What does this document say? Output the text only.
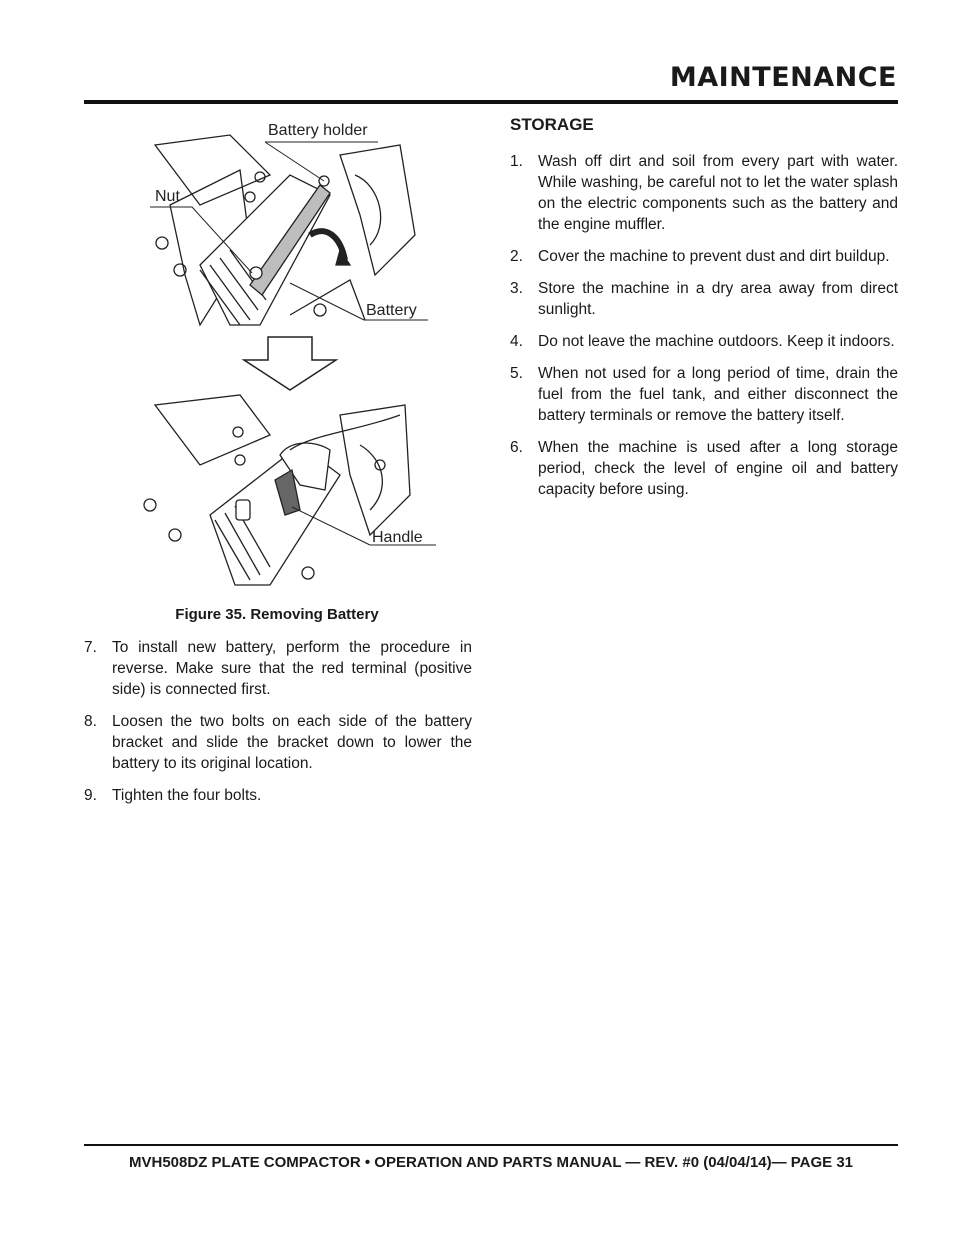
MAINTENANCE
Battery holder
Nut
Battery
Handle
Figure 35. Removing Battery
7. To install new battery, perform the procedure in reverse. Make sure that the red terminal (positive side) is connected first.
8. Loosen the two bolts on each side of the battery bracket and slide the bracket down to lower the battery to its original location.
9. Tighten the four bolts.
STORAGE
1. Wash off dirt and soil from every part with water. While washing, be careful not to let the water splash on the electric components such as the battery and the engine muffler.
2. Cover the machine to prevent dust and dirt buildup.
3. Store the machine in a dry area away from direct sunlight.
4. Do not leave the machine outdoors. Keep it indoors.
5. When not used for a long period of time, drain the fuel from the fuel tank, and either disconnect the battery terminals or remove the battery itself.
6. When the machine is used after a long storage period, check the level of engine oil and battery capacity before using.
MVH508DZ PLATE COMPACTOR • OPERATION AND PARTS MANUAL — REV. #0 (04/04/14)— PAGE 31
